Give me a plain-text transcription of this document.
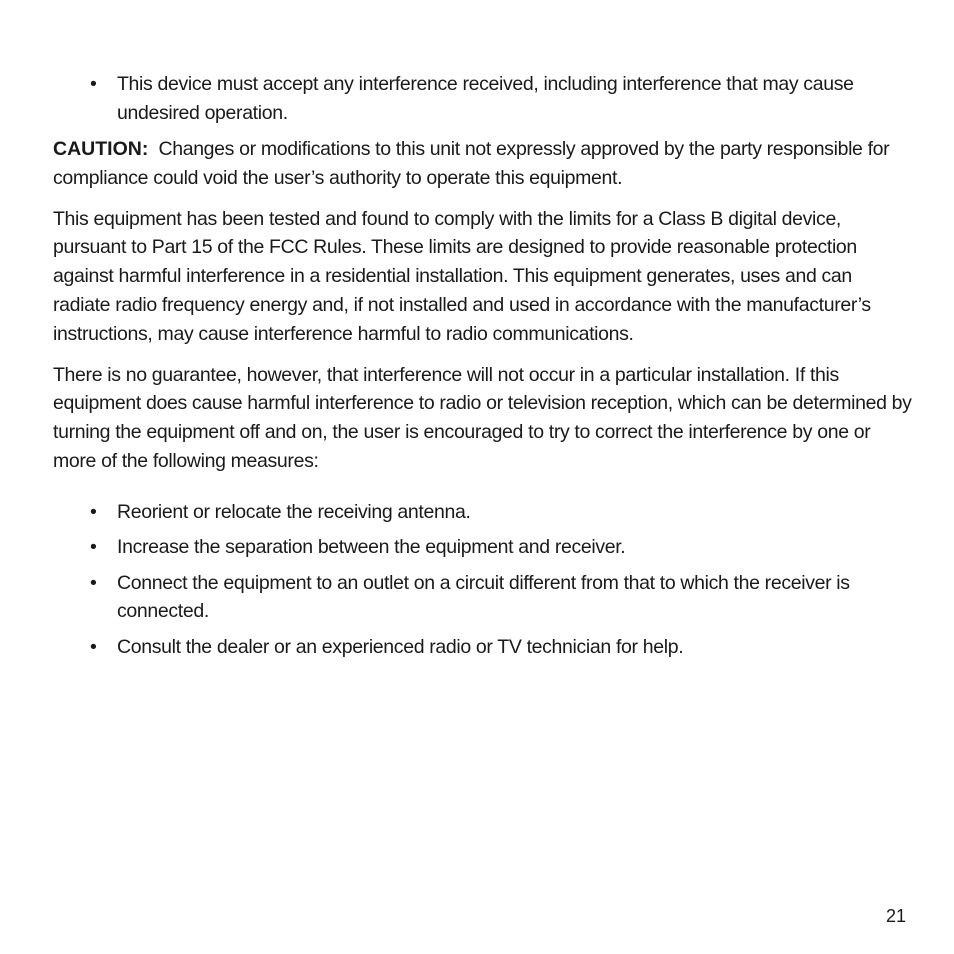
• This device must accept any interference received, including interference that may cause undesired operation.

CAUTION: Changes or modifications to this unit not expressly approved by the party responsible for compliance could void the user’s authority to operate this equipment.

This equipment has been tested and found to comply with the limits for a Class B digital device, pursuant to Part 15 of the FCC Rules. These limits are designed to provide reasonable protection against harmful interference in a residential installation. This equipment generates, uses and can radiate radio frequency energy and, if not installed and used in accordance with the manufacturer’s instructions, may cause interference harmful to radio communications.

There is no guarantee, however, that interference will not occur in a particular installation. If this equipment does cause harmful interference to radio or television reception, which can be determined by turning the equipment off and on, the user is encouraged to try to correct the interference by one or more of the following measures:

• Reorient or relocate the receiving antenna.
• Increase the separation between the equipment and receiver.
• Connect the equipment to an outlet on a circuit different from that to which the receiver is connected.
• Consult the dealer or an experienced radio or TV technician for help.
21
